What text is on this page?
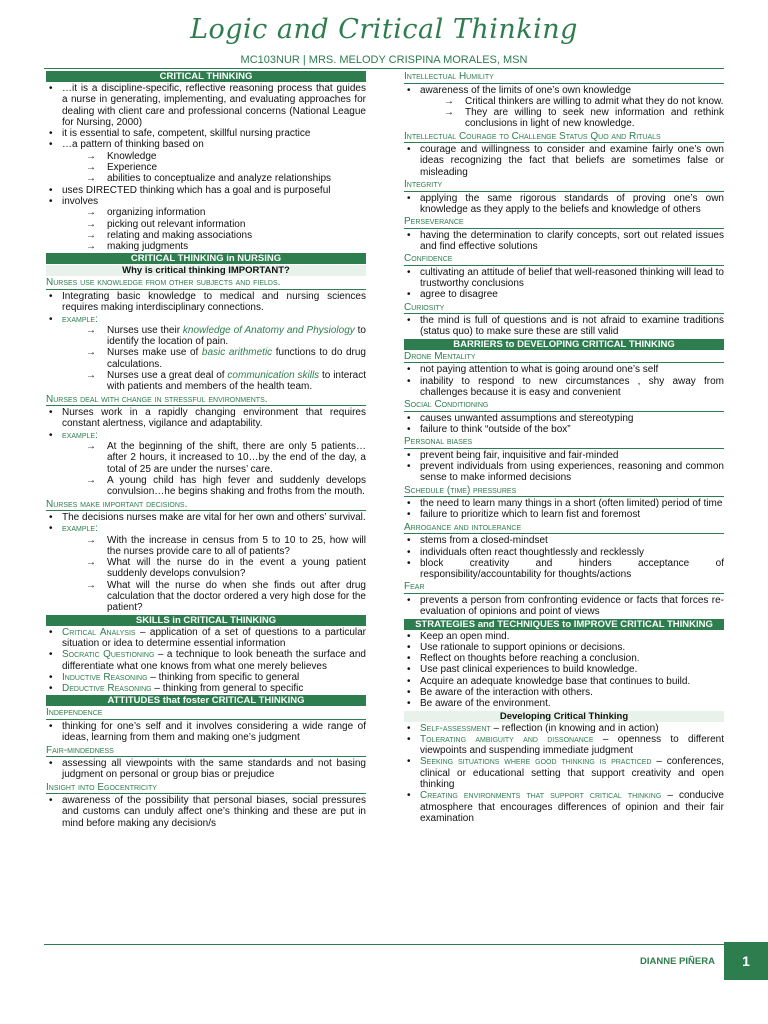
Logic and Critical Thinking
MC103NUR | MRS. MELODY CRISPINA MORALES, MSN
CRITICAL THINKING
• …it is a discipline-specific, reflective reasoning process that guides a nurse in generating, implementing, and evaluating approaches for dealing with client care and professional concerns (National League for Nursing, 2000)
• it is essential to safe, competent, skillful nursing practice
• …a pattern of thinking based on
→ Knowledge
→ Experience
→ abilities to conceptualize and analyze relationships
• uses DIRECTED thinking which has a goal and is purposeful
• involves
→ organizing information
→ picking out relevant information
→ relating and making associations
→ making judgments
CRITICAL THINKING in NURSING
Why is critical thinking IMPORTANT?
Nurses use knowledge from other subjects and fields.
• Integrating basic knowledge to medical and nursing sciences requires making interdisciplinary connections.
• example:
→ Nurses use their knowledge of Anatomy and Physiology to identify the location of pain.
→ Nurses make use of basic arithmetic functions to do drug calculations.
→ Nurses use a great deal of communication skills to interact with patients and members of the health team.
Nurses deal with change in stressful environments.
• Nurses work in a rapidly changing environment that requires constant alertness, vigilance and adaptability.
• example:
→ At the beginning of the shift, there are only 5 patients…after 2 hours, it increased to 10…by the end of the day, a total of 25 are under the nurses’ care.
→ A young child has high fever and suddenly develops convulsion…he begins shaking and froths from the mouth.
Nurses make important decisions.
• The decisions nurses make are vital for her own and others’ survival.
• example:
→ With the increase in census from 5 to 10 to 25, how will the nurses provide care to all of patients?
→ What will the nurse do in the event a young patient suddenly develops convulsion?
→ What will the nurse do when she finds out after drug calculation that the doctor ordered a very high dose for the patient?
SKILLS in CRITICAL THINKING
• Critical Analysis – application of a set of questions to a particular situation or idea to determine essential information
• Socratic Questioning – a technique to look beneath the surface and differentiate what one knows from what one merely believes
• Inductive Reasoning – thinking from specific to general
• Deductive Reasoning – thinking from general to specific
ATTITUDES that foster CRITICAL THINKING
Independence
• thinking for one’s self and it involves considering a wide range of ideas, learning from them and making one’s judgment
Fair-mindedness
• assessing all viewpoints with the same standards and not basing judgment on personal or group bias or prejudice
Insight into Egocentricity
• awareness of the possibility that personal biases, social pressures and customs can unduly affect one’s thinking and these are put in mind before making any decision/s
Intellectual Humility
• awareness of the limits of one’s own knowledge
→ Critical thinkers are willing to admit what they do not know.
→ They are willing to seek new information and rethink conclusions in light of new knowledge.
Intellectual Courage to Challenge Status Quo and Rituals
• courage and willingness to consider and examine fairly one’s own ideas recognizing the fact that beliefs are sometimes false or misleading
Integrity
• applying the same rigorous standards of proving one’s own knowledge as they apply to the beliefs and knowledge of others
Perseverance
• having the determination to clarify concepts, sort out related issues and find effective solutions
Confidence
• cultivating an attitude of belief that well-reasoned thinking will lead to trustworthy conclusions
• agree to disagree
Curiosity
• the mind is full of questions and is not afraid to examine traditions (status quo) to make sure these are still valid
BARRIERS to DEVELOPING CRITICAL THINKING
Drone Mentality
• not paying attention to what is going around one’s self
• inability to respond to new circumstances , shy away from challenges because it is easy and convenient
Social Conditioning
• causes unwanted assumptions and stereotyping
• failure to think “outside of the box”
Personal biases
• prevent being fair, inquisitive and fair-minded
• prevent individuals from using experiences, reasoning and common sense to make informed decisions
Schedule (time) pressures
• the need to learn many things in a short (often limited) period of time
• failure to prioritize which to learn fist and foremost
Arrogance and intolerance
• stems from a closed-mindset
• individuals often react thoughtlessly and recklessly
• block creativity and hinders acceptance of responsibility/accountability for thoughts/actions
Fear
• prevents a person from confronting evidence or facts that forces re-evaluation of opinions and point of views
STRATEGIES and TECHNIQUES to IMPROVE CRITICAL THINKING
• Keep an open mind.
• Use rationale to support opinions or decisions.
• Reflect on thoughts before reaching a conclusion.
• Use past clinical experiences to build knowledge.
• Acquire an adequate knowledge base that continues to build.
• Be aware of the interaction with others.
• Be aware of the environment.
Developing Critical Thinking
• Self-assessment – reflection (in knowing and in action)
• Tolerating ambiguity and dissonance – openness to different viewpoints and suspending immediate judgment
• Seeking situations where good thinking is practiced – conferences, clinical or educational setting that support creativity and open thinking
• Creating environments that support critical thinking – conducive atmosphere that encourages differences of opinion and their fair examination
DIANNE PIÑERA	1
